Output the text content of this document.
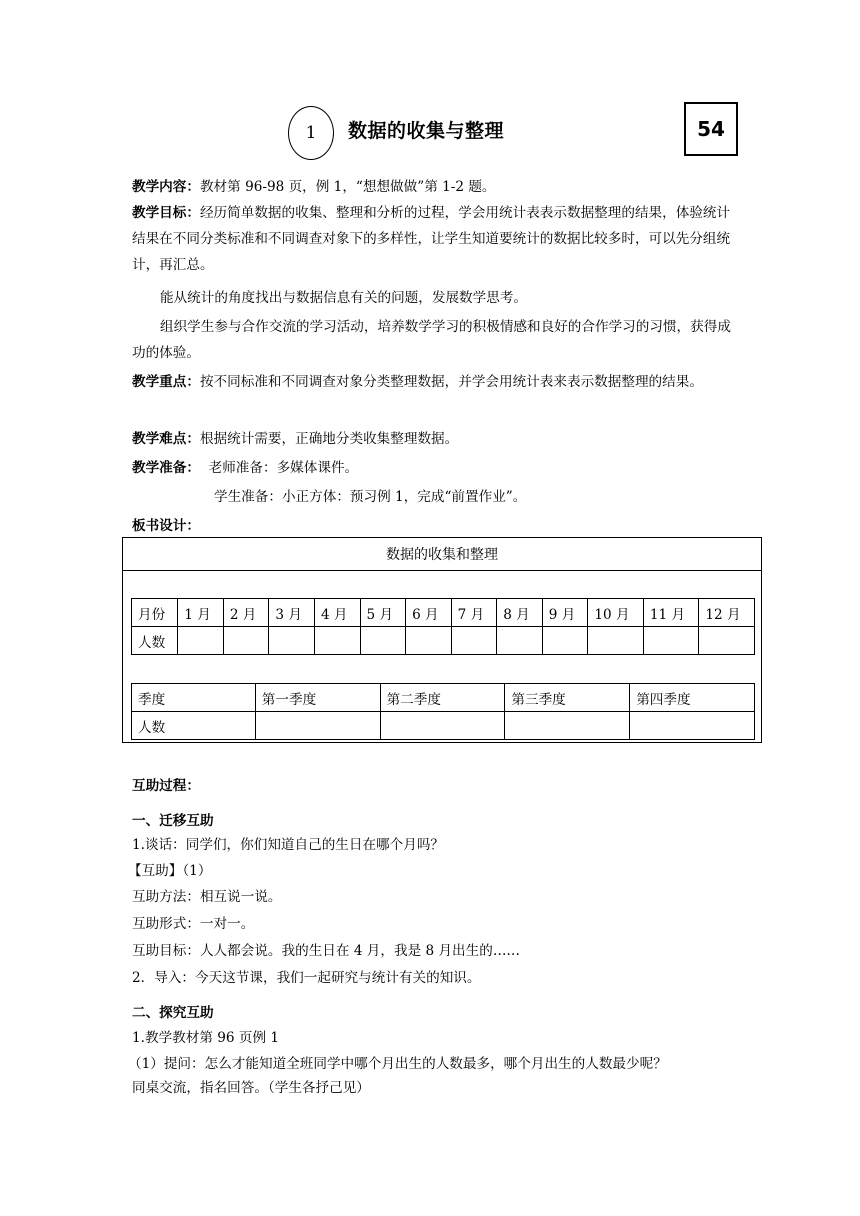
1 数据的收集与整理	54
教学内容：教材第 96-98 页，例 1，“想想做做”第 1-2 题。
教学目标：经历简单数据的收集、整理和分析的过程，学会用统计表表示数据整理的结果，体验统计结果在不同分类标准和不同调查对象下的多样性，让学生知道要统计的数据比较多时，可以先分组统计，再汇总。
能从统计的角度找出与数据信息有关的问题，发展数学思考。
组织学生参与合作交流的学习活动，培养数学学习的积极情感和良好的合作学习的习惯，获得成功的体验。
教学重点：按不同标准和不同调查对象分类整理数据，并学会用统计表来表示数据整理的结果。
教学难点：根据统计需要，正确地分类收集整理数据。
教学准备： 老师准备：多媒体课件。
学生准备：小正方体：预习例 1，完成“前置作业”。
板书设计：
数据的收集和整理
月份	1 月	2 月	3 月	4 月	5 月	6 月	7 月	8 月	9 月	10 月	11 月	12 月
人数												
季度	第一季度	第二季度	第三季度	第四季度
人数				
互助过程：
一、迁移互助
1.谈话：同学们，你们知道自己的生日在哪个月吗？
【互助】（1）
互助方法：相互说一说。
互助形式：一对一。
互助目标：人人都会说。我的生日在 4 月，我是 8 月出生的……
2．导入：今天这节课，我们一起研究与统计有关的知识。
二、探究互助
1.教学教材第 96 页例 1
（1）提问：怎么才能知道全班同学中哪个月出生的人数最多，哪个月出生的人数最少呢？
同桌交流，指名回答。（学生各抒己见）
